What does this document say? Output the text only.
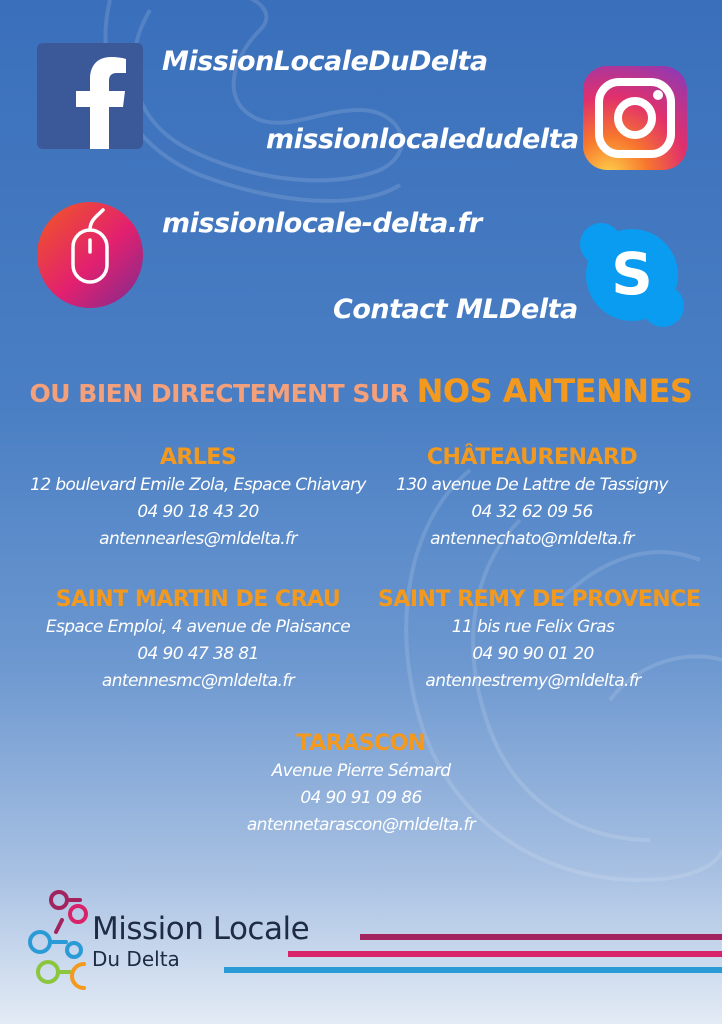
MissionLocaleDuDelta

missionlocaledudelta

missionlocale-delta.fr

S

Contact MLDelta

OU BIEN DIRECTEMENT SUR NOS ANTENNES
ARLES
12 boulevard Emile Zola, Espace Chiavary
04 90 18 43 20
antennearles@mldelta.fr
CHÂTEAURENARD
130 avenue De Lattre de Tassigny
04 32 62 09 56
antennechato@mldelta.fr
SAINT MARTIN DE CRAU
Espace Emploi, 4 avenue de Plaisance
04 90 47 38 81
antennesmc@mldelta.fr
SAINT REMY DE PROVENCE
11 bis rue Felix Gras
04 90 90 01 20
antennestremy@mldelta.fr
TARASCON
Avenue Pierre Sémard
04 90 91 09 86
antennetarascon@mldelta.fr
Mission Locale
Du Delta
